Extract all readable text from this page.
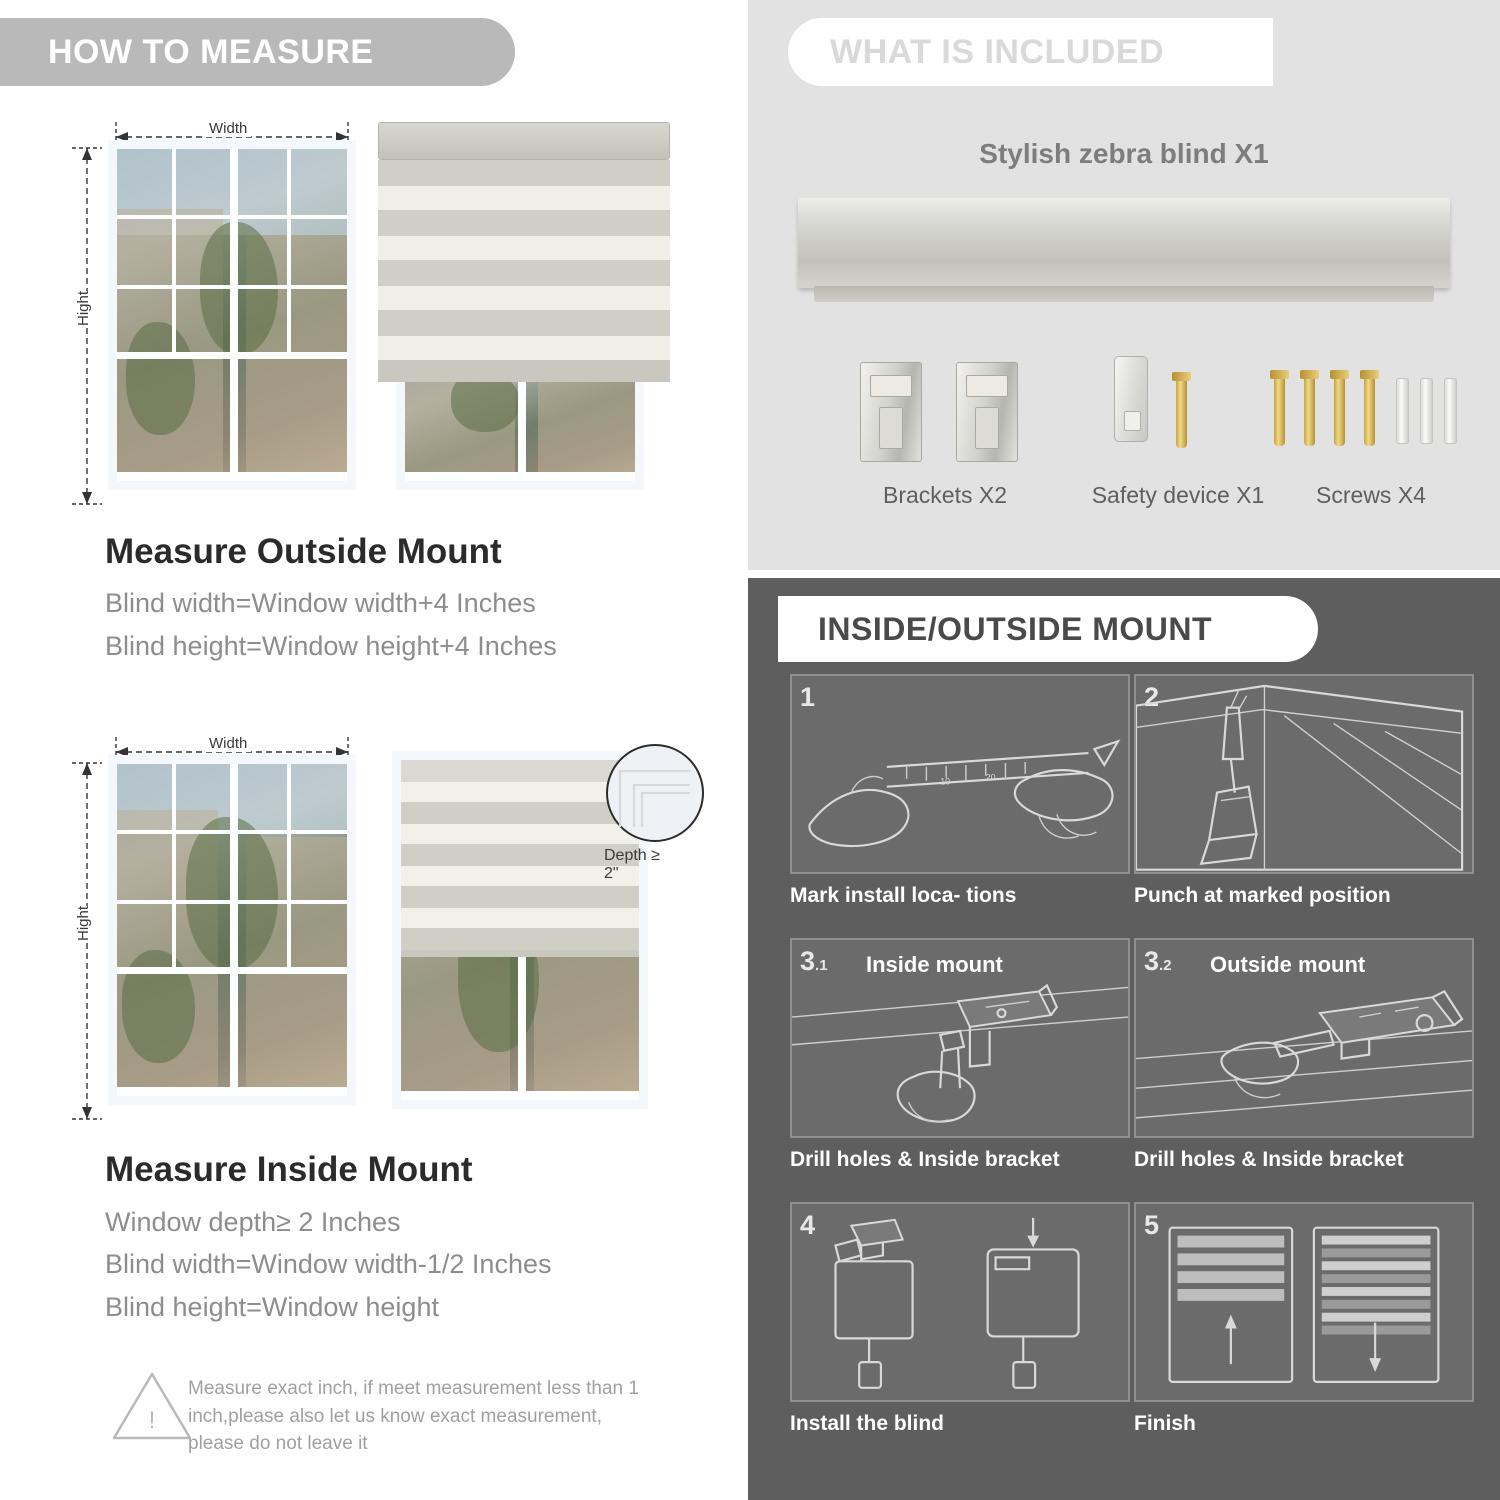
HOW TO MEASURE
Width
Hight
Measure Outside Mount
Blind width=Window width+4 Inches
Blind height=Window height+4 Inches
Width
Hight
Depth ≥ 2"
Measure Inside Mount
Window depth≥ 2 Inches
Blind width=Window width-1/2 Inches
Blind height=Window height
!
Measure exact inch, if meet measurement less than 1 inch,please also let us know exact measurement, please do not leave it
WHAT IS INCLUDED
Stylish zebra blind X1
Brackets X2	Safety device X1	Screws X4
INSIDE/OUTSIDE MOUNT
1
10	20
Mark install loca- tions
2
Punch at marked position
3.1 Inside mount
Drill holes & Inside bracket
3.2 Outside mount
Drill holes & Inside bracket
4
Install the blind
5
Finish
